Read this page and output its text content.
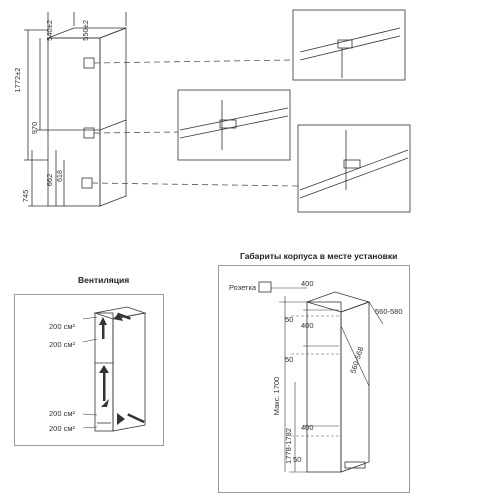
540±2	550±2
1772±2
970
745
662 618
Вентиляция
200 см²
200 см²
200 см²
200 см²
Габариты корпуса в месте установки
Розетка	400
50
400
50
400
50
560-580
560-568
Макс. 1700
1778-1782
